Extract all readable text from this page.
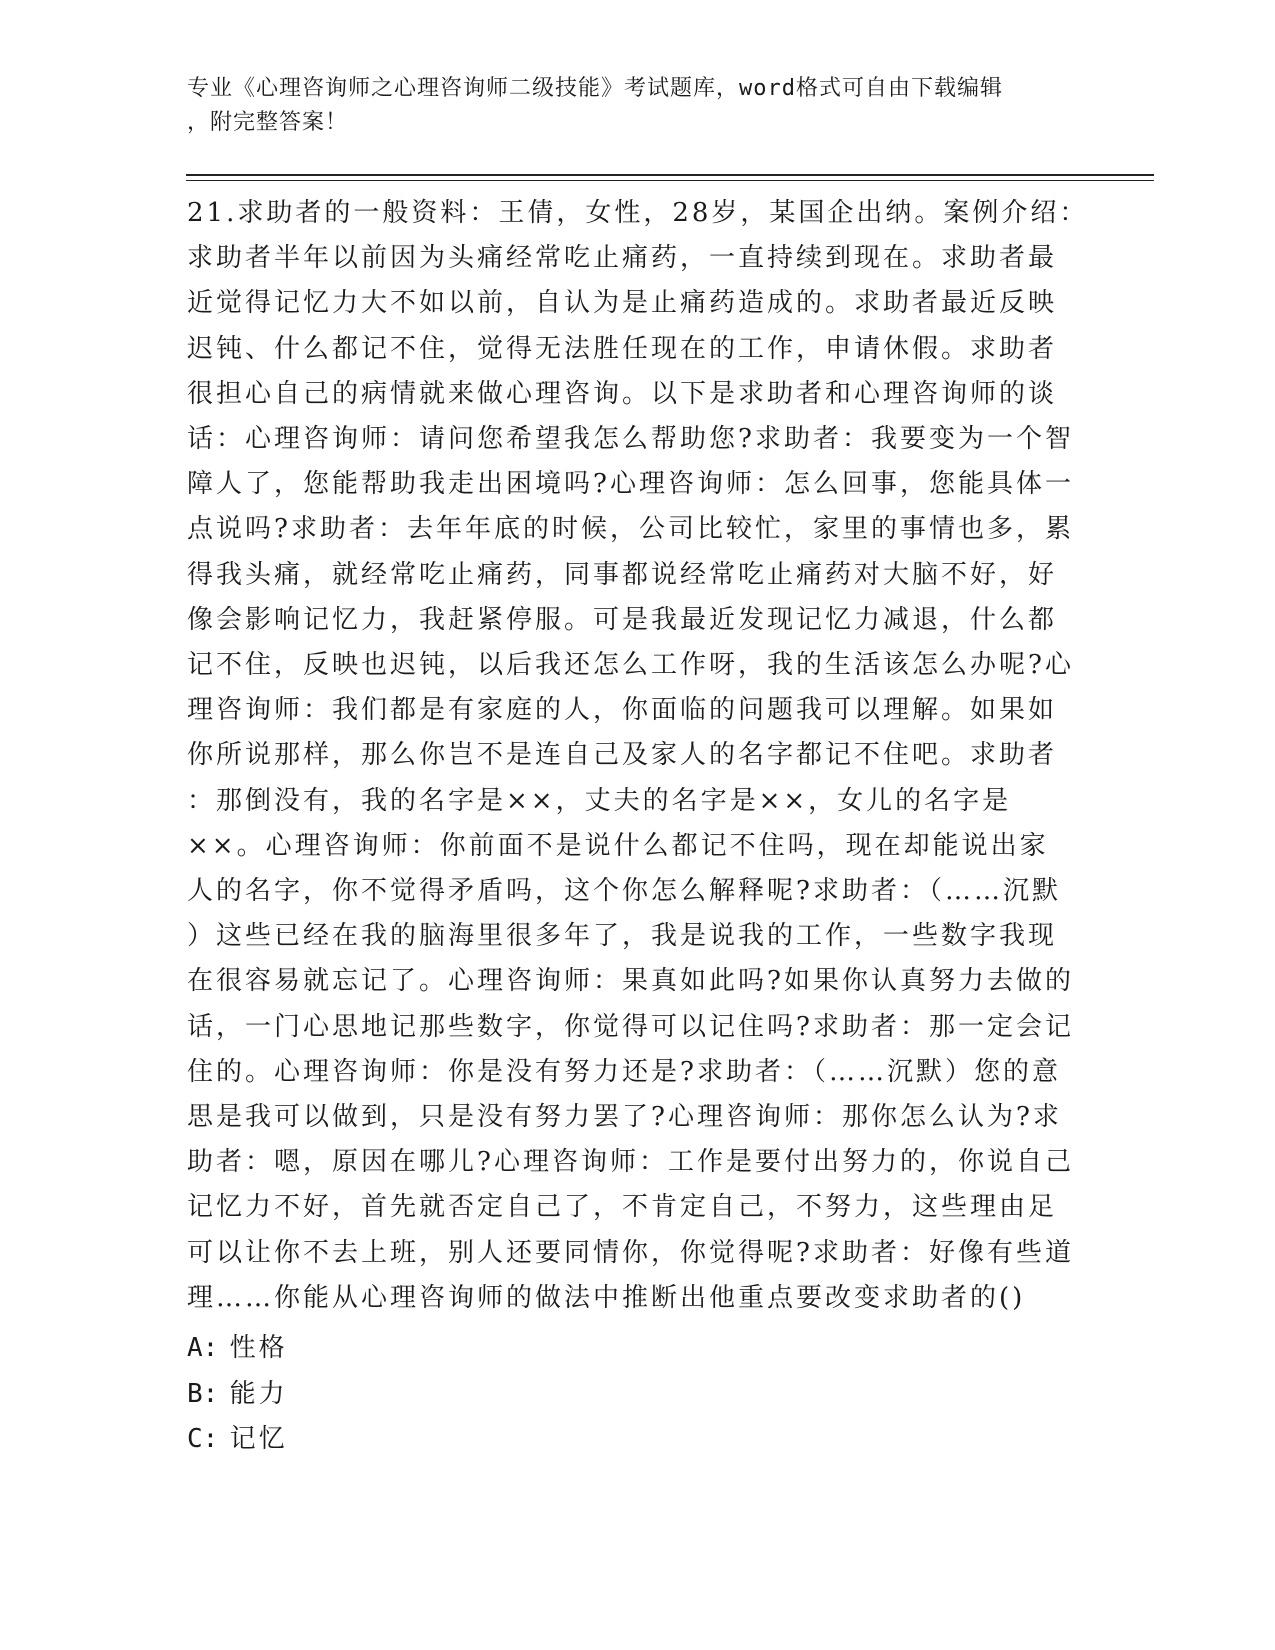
专业《心理咨询师之心理咨询师二级技能》考试题库，word格式可自由下载编辑

，附完整答案！

21.求助者的一般资料：王倩，女性，28岁，某国企出纳。案例介绍：

求助者半年以前因为头痛经常吃止痛药，一直持续到现在。求助者最

近觉得记忆力大不如以前，自认为是止痛药造成的。求助者最近反映

迟钝、什么都记不住，觉得无法胜任现在的工作，申请休假。求助者

很担心自己的病情就来做心理咨询。以下是求助者和心理咨询师的谈

话：心理咨询师：请问您希望我怎么帮助您?求助者：我要变为一个智

障人了，您能帮助我走出困境吗?心理咨询师：怎么回事，您能具体一

点说吗?求助者：去年年底的时候，公司比较忙，家里的事情也多，累

得我头痛，就经常吃止痛药，同事都说经常吃止痛药对大脑不好，好

像会影响记忆力，我赶紧停服。可是我最近发现记忆力减退，什么都

记不住，反映也迟钝，以后我还怎么工作呀，我的生活该怎么办呢?心

理咨询师：我们都是有家庭的人，你面临的问题我可以理解。如果如

你所说那样，那么你岂不是连自己及家人的名字都记不住吧。求助者

：那倒没有，我的名字是××，丈夫的名字是××，女儿的名字是

××。心理咨询师：你前面不是说什么都记不住吗，现在却能说出家

人的名字，你不觉得矛盾吗，这个你怎么解释呢?求助者：（……沉默

）这些已经在我的脑海里很多年了，我是说我的工作，一些数字我现

在很容易就忘记了。心理咨询师：果真如此吗?如果你认真努力去做的

话，一门心思地记那些数字，你觉得可以记住吗?求助者：那一定会记

住的。心理咨询师：你是没有努力还是?求助者：（……沉默）您的意

思是我可以做到，只是没有努力罢了?心理咨询师：那你怎么认为?求

助者：嗯，原因在哪儿?心理咨询师：工作是要付出努力的，你说自己

记忆力不好，首先就否定自己了，不肯定自己，不努力，这些理由足

可以让你不去上班，别人还要同情你，你觉得呢?求助者：好像有些道

理……你能从心理咨询师的做法中推断出他重点要改变求助者的()

A: 性格

B: 能力

C: 记忆
